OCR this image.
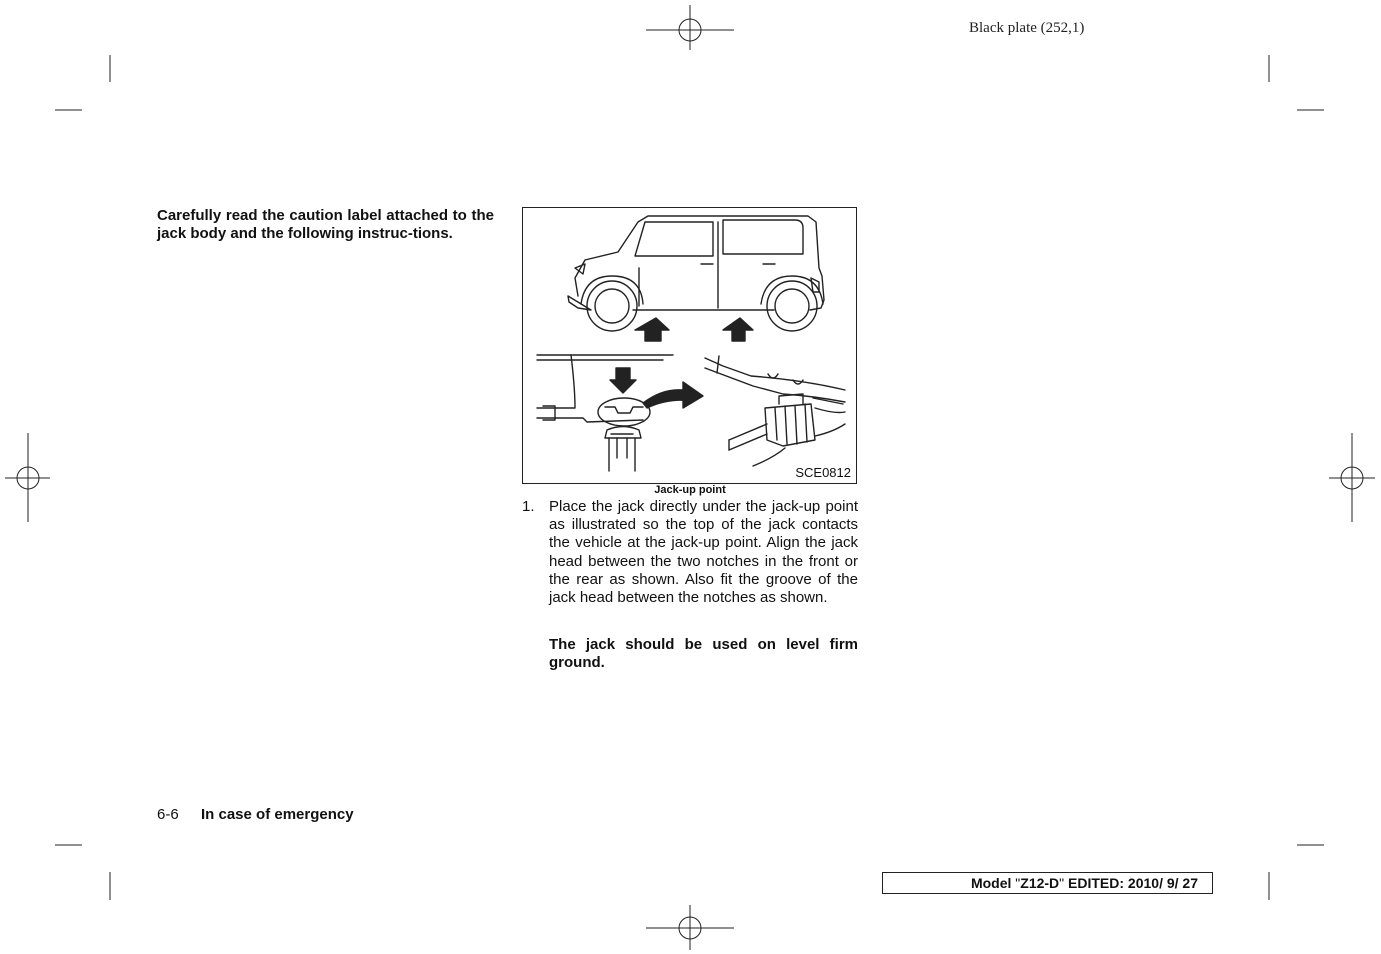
Black plate (252,1)
Carefully read the caution label attached to the jack body and the following instruc-tions.
SCE0812
Jack-up point
1. Place the jack directly under the jack-up point as illustrated so the top of the jack contacts the vehicle at the jack-up point. Align the jack head between the two notches in the front or the rear as shown. Also fit the groove of the jack head between the notches as shown.
The jack should be used on level firm ground.
6-6 In case of emergency
Model "Z12-D" EDITED: 2010/ 9/ 27
